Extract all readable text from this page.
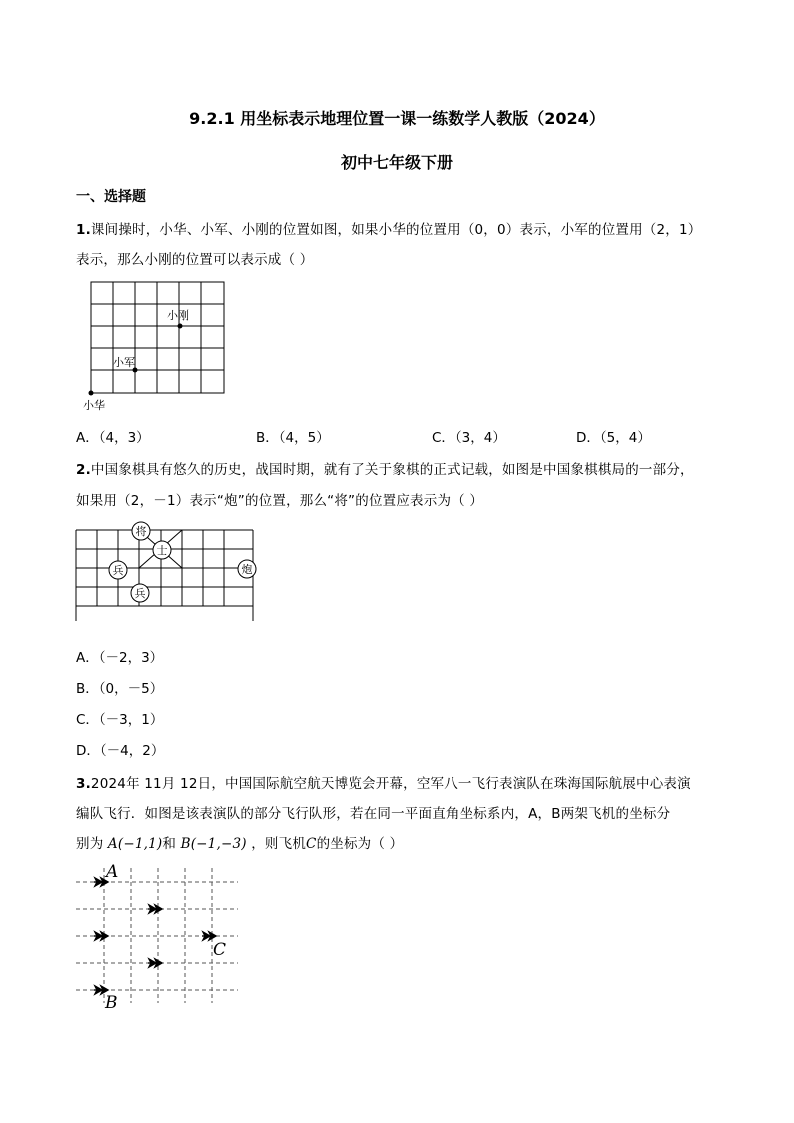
9.2.1 用坐标表示地理位置一课一练数学人教版（2024）
初中七年级下册
一、选择题
1.课间操时，小华、小军、小刚的位置如图，如果小华的位置用（0，0）表示，小军的位置用（2，1）
表示，那么小刚的位置可以表示成（ ）
小刚
小军
小华
A．（4，3）	B．（4，5）	C．（3，4）	D．（5，4）
2.中国象棋具有悠久的历史，战国时期，就有了关于象棋的正式记载，如图是中国象棋棋局的一部分，
如果用（2，－1）表示“炮”的位置，那么“将”的位置应表示为（ ）
将
士
兵	炮
兵
A．（－2，3）
B．（0，－5）
C．（－3，1）
D．（－4，2）
3.2024年 11月 12日，中国国际航空航天博览会开幕，空军八一飞行表演队在珠海国际航展中心表演
编队飞行．如图是该表演队的部分飞行队形，若在同一平面直角坐标系内，A，B两架飞机的坐标分
别为 A(−1,1)和 B(−1,−3) ，则飞机C的坐标为（ ）
A
C
B
